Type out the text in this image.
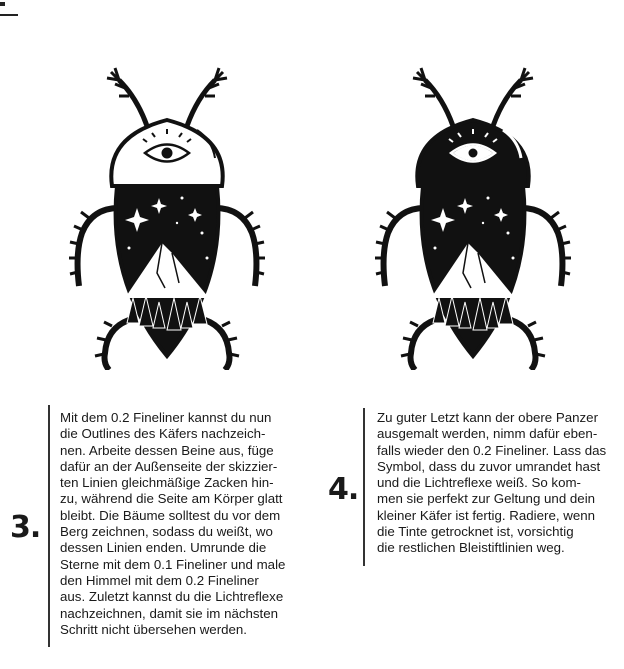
3.
Mit dem 0.2 Fineliner kannst du nun
die Outlines des Käfers nachzeich-
nen. Arbeite dessen Beine aus, füge
dafür an der Außenseite der skizzier-
ten Linien gleichmäßige Zacken hin-
zu, während die Seite am Körper glatt
bleibt. Die Bäume solltest du vor dem
Berg zeichnen, sodass du weißt, wo
dessen Linien enden. Umrunde die
Sterne mit dem 0.1 Fineliner und male
den Himmel mit dem 0.2 Fineliner
aus. Zuletzt kannst du die Lichtreflexe
nachzeichnen, damit sie im nächsten
Schritt nicht übersehen werden.
4.
Zu guter Letzt kann der obere Panzer
ausgemalt werden, nimm dafür eben-
falls wieder den 0.2 Fineliner. Lass das
Symbol, dass du zuvor umrandet hast
und die Lichtreflexe weiß. So kom-
men sie perfekt zur Geltung und dein
kleiner Käfer ist fertig. Radiere, wenn
die Tinte getrocknet ist, vorsichtig
die restlichen Bleistiftlinien weg.
